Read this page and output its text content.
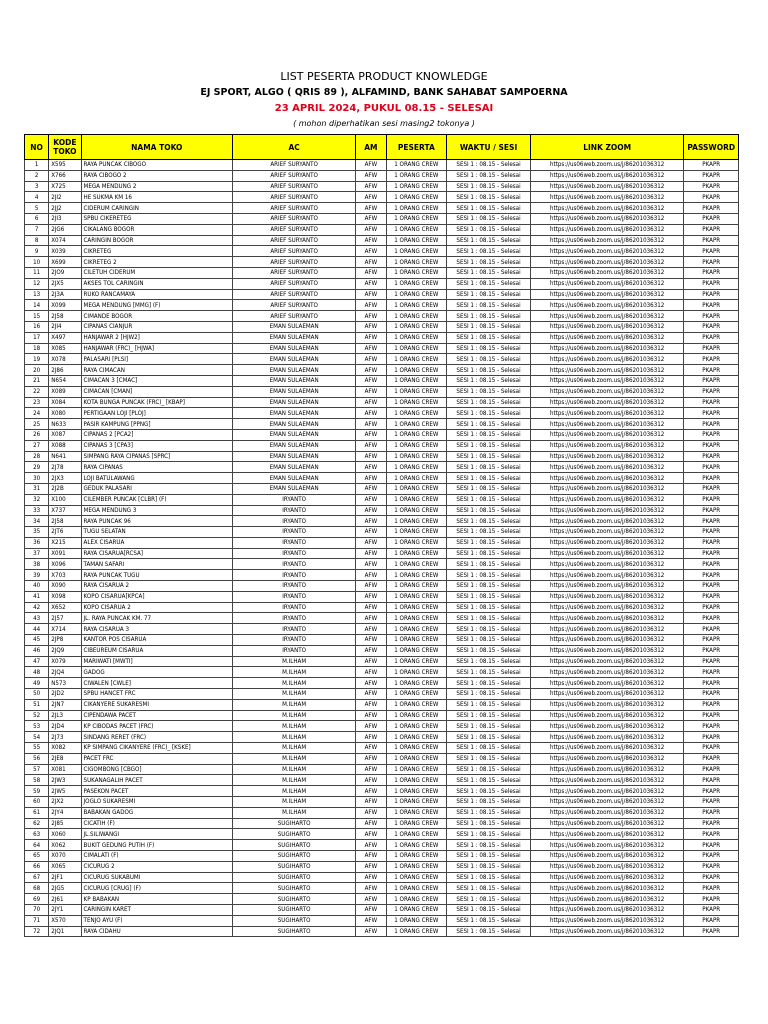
LIST PESERTA PRODUCT KNOWLEDGE
EJ SPORT, ALGO ( QRIS 89 ), ALFAMIND, BANK SAHABAT SAMPOERNA
23 APRIL 2024, PUKUL 08.15 - SELESAI
( mohon diperhatikan sesi masing2 tokonya )
NO	KODE TOKO	NAMA TOKO	AC	AM	PESERTA	WAKTU / SESI	LINK ZOOM	PASSWORD
1	X595	RAYA PUNCAK CIBOGO	ARIEF SURYANTO	AFW	1 ORANG CREW	SESI 1 : 08.15 - Selesai	https://us06web.zoom.us/j/86201036312	PKAPR
2	X766	RAYA CIBOGO 2	ARIEF SURYANTO	AFW	1 ORANG CREW	SESI 1 : 08.15 - Selesai	https://us06web.zoom.us/j/86201036312	PKAPR
3	X725	MEGA MENDUNG 2	ARIEF SURYANTO	AFW	1 ORANG CREW	SESI 1 : 08.15 - Selesai	https://us06web.zoom.us/j/86201036312	PKAPR
4	2JI2	HE SUKMA KM 16	ARIEF SURYANTO	AFW	1 ORANG CREW	SESI 1 : 08.15 - Selesai	https://us06web.zoom.us/j/86201036312	PKAPR
5	2JJ2	CIDERUM CARINGIN	ARIEF SURYANTO	AFW	1 ORANG CREW	SESI 1 : 08.15 - Selesai	https://us06web.zoom.us/j/86201036312	PKAPR
6	2JI3	SPBU CIKERETEG	ARIEF SURYANTO	AFW	1 ORANG CREW	SESI 1 : 08.15 - Selesai	https://us06web.zoom.us/j/86201036312	PKAPR
7	2JG6	CIKALANG BOGOR	ARIEF SURYANTO	AFW	1 ORANG CREW	SESI 1 : 08.15 - Selesai	https://us06web.zoom.us/j/86201036312	PKAPR
8	X074	CARINGIN BOGOR	ARIEF SURYANTO	AFW	1 ORANG CREW	SESI 1 : 08.15 - Selesai	https://us06web.zoom.us/j/86201036312	PKAPR
9	X039	CIKRETEG	ARIEF SURYANTO	AFW	1 ORANG CREW	SESI 1 : 08.15 - Selesai	https://us06web.zoom.us/j/86201036312	PKAPR
10	X699	CIKRETEG 2	ARIEF SURYANTO	AFW	1 ORANG CREW	SESI 1 : 08.15 - Selesai	https://us06web.zoom.us/j/86201036312	PKAPR
11	2JO9	CILETUH CIDERUM	ARIEF SURYANTO	AFW	1 ORANG CREW	SESI 1 : 08.15 - Selesai	https://us06web.zoom.us/j/86201036312	PKAPR
12	2JX5	AKSES TOL CARINGIN	ARIEF SURYANTO	AFW	1 ORANG CREW	SESI 1 : 08.15 - Selesai	https://us06web.zoom.us/j/86201036312	PKAPR
13	2J3A	RUKO RANCAMAYA	ARIEF SURYANTO	AFW	1 ORANG CREW	SESI 1 : 08.15 - Selesai	https://us06web.zoom.us/j/86201036312	PKAPR
14	X099	MEGA MENDUNG [MMG] (F)	ARIEF SURYANTO	AFW	1 ORANG CREW	SESI 1 : 08.15 - Selesai	https://us06web.zoom.us/j/86201036312	PKAPR
15	2J58	CIMANDE BOGOR	ARIEF SURYANTO	AFW	1 ORANG CREW	SESI 1 : 08.15 - Selesai	https://us06web.zoom.us/j/86201036312	PKAPR
16	2JI4	CIPANAS CIANJUR	EMAN SULAEMAN	AFW	1 ORANG CREW	SESI 1 : 08.15 - Selesai	https://us06web.zoom.us/j/86201036312	PKAPR
17	X497	HANJAWAR 2 [HJW2]	EMAN SULAEMAN	AFW	1 ORANG CREW	SESI 1 : 08.15 - Selesai	https://us06web.zoom.us/j/86201036312	PKAPR
18	X085	HANJAWAR (FRC)_ [HJWA]	EMAN SULAEMAN	AFW	1 ORANG CREW	SESI 1 : 08.15 - Selesai	https://us06web.zoom.us/j/86201036312	PKAPR
19	X078	PALASARI [PLSI]	EMAN SULAEMAN	AFW	1 ORANG CREW	SESI 1 : 08.15 - Selesai	https://us06web.zoom.us/j/86201036312	PKAPR
20	2J86	RAYA CIMACAN	EMAN SULAEMAN	AFW	1 ORANG CREW	SESI 1 : 08.15 - Selesai	https://us06web.zoom.us/j/86201036312	PKAPR
21	N654	CIMACAN 3 [CMAC]	EMAN SULAEMAN	AFW	1 ORANG CREW	SESI 1 : 08.15 - Selesai	https://us06web.zoom.us/j/86201036312	PKAPR
22	X089	CIMACAN [CMAN]	EMAN SULAEMAN	AFW	1 ORANG CREW	SESI 1 : 08.15 - Selesai	https://us06web.zoom.us/j/86201036312	PKAPR
23	X084	KOTA BUNGA PUNCAK (FRC)_ [KBAP]	EMAN SULAEMAN	AFW	1 ORANG CREW	SESI 1 : 08.15 - Selesai	https://us06web.zoom.us/j/86201036312	PKAPR
24	X080	PERTIGAAN LOJI [PLOJ]	EMAN SULAEMAN	AFW	1 ORANG CREW	SESI 1 : 08.15 - Selesai	https://us06web.zoom.us/j/86201036312	PKAPR
25	N633	PASIR KAMPUNG [PPNG]	EMAN SULAEMAN	AFW	1 ORANG CREW	SESI 1 : 08.15 - Selesai	https://us06web.zoom.us/j/86201036312	PKAPR
26	X087	CIPANAS 2 [PCA2]	EMAN SULAEMAN	AFW	1 ORANG CREW	SESI 1 : 08.15 - Selesai	https://us06web.zoom.us/j/86201036312	PKAPR
27	X088	CIPANAS 3 [CPA3]	EMAN SULAEMAN	AFW	1 ORANG CREW	SESI 1 : 08.15 - Selesai	https://us06web.zoom.us/j/86201036312	PKAPR
28	N641	SIMPANG RAYA CIPANAS [SPRC]	EMAN SULAEMAN	AFW	1 ORANG CREW	SESI 1 : 08.15 - Selesai	https://us06web.zoom.us/j/86201036312	PKAPR
29	2J78	RAYA CIPANAS	EMAN SULAEMAN	AFW	1 ORANG CREW	SESI 1 : 08.15 - Selesai	https://us06web.zoom.us/j/86201036312	PKAPR
30	2JX3	LOJI BATULAWANG	EMAN SULAEMAN	AFW	1 ORANG CREW	SESI 1 : 08.15 - Selesai	https://us06web.zoom.us/j/86201036312	PKAPR
31	2J2B	GEDUK PALASARI	EMAN SULAEMAN	AFW	1 ORANG CREW	SESI 1 : 08.15 - Selesai	https://us06web.zoom.us/j/86201036312	PKAPR
32	X100	CILEMBER PUNCAK [CLBR] (F)	IRYANTO	AFW	1 ORANG CREW	SESI 1 : 08.15 - Selesai	https://us06web.zoom.us/j/86201036312	PKAPR
33	X737	MEGA MENDUNG 3	IRYANTO	AFW	1 ORANG CREW	SESI 1 : 08.15 - Selesai	https://us06web.zoom.us/j/86201036312	PKAPR
34	2J58	RAYA PUNCAK 96	IRYANTO	AFW	1 ORANG CREW	SESI 1 : 08.15 - Selesai	https://us06web.zoom.us/j/86201036312	PKAPR
35	2JT6	TUGU SELATAN	IRYANTO	AFW	1 ORANG CREW	SESI 1 : 08.15 - Selesai	https://us06web.zoom.us/j/86201036312	PKAPR
36	X215	ALEX CISARUA	IRYANTO	AFW	1 ORANG CREW	SESI 1 : 08.15 - Selesai	https://us06web.zoom.us/j/86201036312	PKAPR
37	X091	RAYA CISARUA[RCSA]	IRYANTO	AFW	1 ORANG CREW	SESI 1 : 08.15 - Selesai	https://us06web.zoom.us/j/86201036312	PKAPR
38	X096	TAMAN SAFARI	IRYANTO	AFW	1 ORANG CREW	SESI 1 : 08.15 - Selesai	https://us06web.zoom.us/j/86201036312	PKAPR
39	X703	RAYA PUNCAK TUGU	IRYANTO	AFW	1 ORANG CREW	SESI 1 : 08.15 - Selesai	https://us06web.zoom.us/j/86201036312	PKAPR
40	X090	RAYA CISARUA 2	IRYANTO	AFW	1 ORANG CREW	SESI 1 : 08.15 - Selesai	https://us06web.zoom.us/j/86201036312	PKAPR
41	X098	KOPO CISARUA[KPCA]	IRYANTO	AFW	1 ORANG CREW	SESI 1 : 08.15 - Selesai	https://us06web.zoom.us/j/86201036312	PKAPR
42	X652	KOPO CISARUA 2	IRYANTO	AFW	1 ORANG CREW	SESI 1 : 08.15 - Selesai	https://us06web.zoom.us/j/86201036312	PKAPR
43	2J57	JL. RAYA PUNCAK KM. 77	IRYANTO	AFW	1 ORANG CREW	SESI 1 : 08.15 - Selesai	https://us06web.zoom.us/j/86201036312	PKAPR
44	X714	RAYA CISARUA 3	IRYANTO	AFW	1 ORANG CREW	SESI 1 : 08.15 - Selesai	https://us06web.zoom.us/j/86201036312	PKAPR
45	2JP8	KANTOR POS CISARUA	IRYANTO	AFW	1 ORANG CREW	SESI 1 : 08.15 - Selesai	https://us06web.zoom.us/j/86201036312	PKAPR
46	2JQ9	CIBEUREUM CISARUA	IRYANTO	AFW	1 ORANG CREW	SESI 1 : 08.15 - Selesai	https://us06web.zoom.us/j/86201036312	PKAPR
47	X079	MARIWATI [MWTI]	M.ILHAM	AFW	1 ORANG CREW	SESI 1 : 08.15 - Selesai	https://us06web.zoom.us/j/86201036312	PKAPR
48	2JQ4	GADOG	M.ILHAM	AFW	1 ORANG CREW	SESI 1 : 08.15 - Selesai	https://us06web.zoom.us/j/86201036312	PKAPR
49	N573	CIWALEN [CWLE]	M.ILHAM	AFW	1 ORANG CREW	SESI 1 : 08.15 - Selesai	https://us06web.zoom.us/j/86201036312	PKAPR
50	2JD2	SPBU HANCET FRC	M.ILHAM	AFW	1 ORANG CREW	SESI 1 : 08.15 - Selesai	https://us06web.zoom.us/j/86201036312	PKAPR
51	2JN7	CIKANYERE SUKARESMI	M.ILHAM	AFW	1 ORANG CREW	SESI 1 : 08.15 - Selesai	https://us06web.zoom.us/j/86201036312	PKAPR
52	2JL3	CIPENDAWA PACET	M.ILHAM	AFW	1 ORANG CREW	SESI 1 : 08.15 - Selesai	https://us06web.zoom.us/j/86201036312	PKAPR
53	2JD4	KP CIBODAS PACET (FRC)	M.ILHAM	AFW	1 ORANG CREW	SESI 1 : 08.15 - Selesai	https://us06web.zoom.us/j/86201036312	PKAPR
54	2J73	SINDANG RERET (FRC)	M.ILHAM	AFW	1 ORANG CREW	SESI 1 : 08.15 - Selesai	https://us06web.zoom.us/j/86201036312	PKAPR
55	X082	KP SIMPANG CIKANYERE (FRC)_ [KSKE]	M.ILHAM	AFW	1 ORANG CREW	SESI 1 : 08.15 - Selesai	https://us06web.zoom.us/j/86201036312	PKAPR
56	2JE8	PACET FRC	M.ILHAM	AFW	1 ORANG CREW	SESI 1 : 08.15 - Selesai	https://us06web.zoom.us/j/86201036312	PKAPR
57	X081	CIGOMBONG [CBGO]	M.ILHAM	AFW	1 ORANG CREW	SESI 1 : 08.15 - Selesai	https://us06web.zoom.us/j/86201036312	PKAPR
58	2JW3	SUKANAGALIH PACET	M.ILHAM	AFW	1 ORANG CREW	SESI 1 : 08.15 - Selesai	https://us06web.zoom.us/j/86201036312	PKAPR
59	2JW5	PASEKON PACET	M.ILHAM	AFW	1 ORANG CREW	SESI 1 : 08.15 - Selesai	https://us06web.zoom.us/j/86201036312	PKAPR
60	2JX2	JOGLO SUKARESMI	M.ILHAM	AFW	1 ORANG CREW	SESI 1 : 08.15 - Selesai	https://us06web.zoom.us/j/86201036312	PKAPR
61	2JY4	BABAKAN GADOG	M.ILHAM	AFW	1 ORANG CREW	SESI 1 : 08.15 - Selesai	https://us06web.zoom.us/j/86201036312	PKAPR
62	2J85	CICATIH (F)	SUGIHARTO	AFW	1 ORANG CREW	SESI 1 : 08.15 - Selesai	https://us06web.zoom.us/j/86201036312	PKAPR
63	X060	JL.SILIWANGI	SUGIHARTO	AFW	1 ORANG CREW	SESI 1 : 08.15 - Selesai	https://us06web.zoom.us/j/86201036312	PKAPR
64	X062	BUKIT GEDUNG PUTIH (F)	SUGIHARTO	AFW	1 ORANG CREW	SESI 1 : 08.15 - Selesai	https://us06web.zoom.us/j/86201036312	PKAPR
65	X070	CIMALATI (F)	SUGIHARTO	AFW	1 ORANG CREW	SESI 1 : 08.15 - Selesai	https://us06web.zoom.us/j/86201036312	PKAPR
66	X065	CICURUG 2	SUGIHARTO	AFW	1 ORANG CREW	SESI 1 : 08.15 - Selesai	https://us06web.zoom.us/j/86201036312	PKAPR
67	2JF1	CICURUG SUKABUMI	SUGIHARTO	AFW	1 ORANG CREW	SESI 1 : 08.15 - Selesai	https://us06web.zoom.us/j/86201036312	PKAPR
68	2JG5	CICURUG [CRUG] (F)	SUGIHARTO	AFW	1 ORANG CREW	SESI 1 : 08.15 - Selesai	https://us06web.zoom.us/j/86201036312	PKAPR
69	2J61	KP BABAKAN	SUGIHARTO	AFW	1 ORANG CREW	SESI 1 : 08.15 - Selesai	https://us06web.zoom.us/j/86201036312	PKAPR
70	2JY1	CARINGIN KARET	SUGIHARTO	AFW	1 ORANG CREW	SESI 1 : 08.15 - Selesai	https://us06web.zoom.us/j/86201036312	PKAPR
71	X570	TENJO AYU (F)	SUGIHARTO	AFW	1 ORANG CREW	SESI 1 : 08.15 - Selesai	https://us06web.zoom.us/j/86201036312	PKAPR
72	2JQ1	RAYA CIDAHU	SUGIHARTO	AFW	1 ORANG CREW	SESI 1 : 08.15 - Selesai	https://us06web.zoom.us/j/86201036312	PKAPR
